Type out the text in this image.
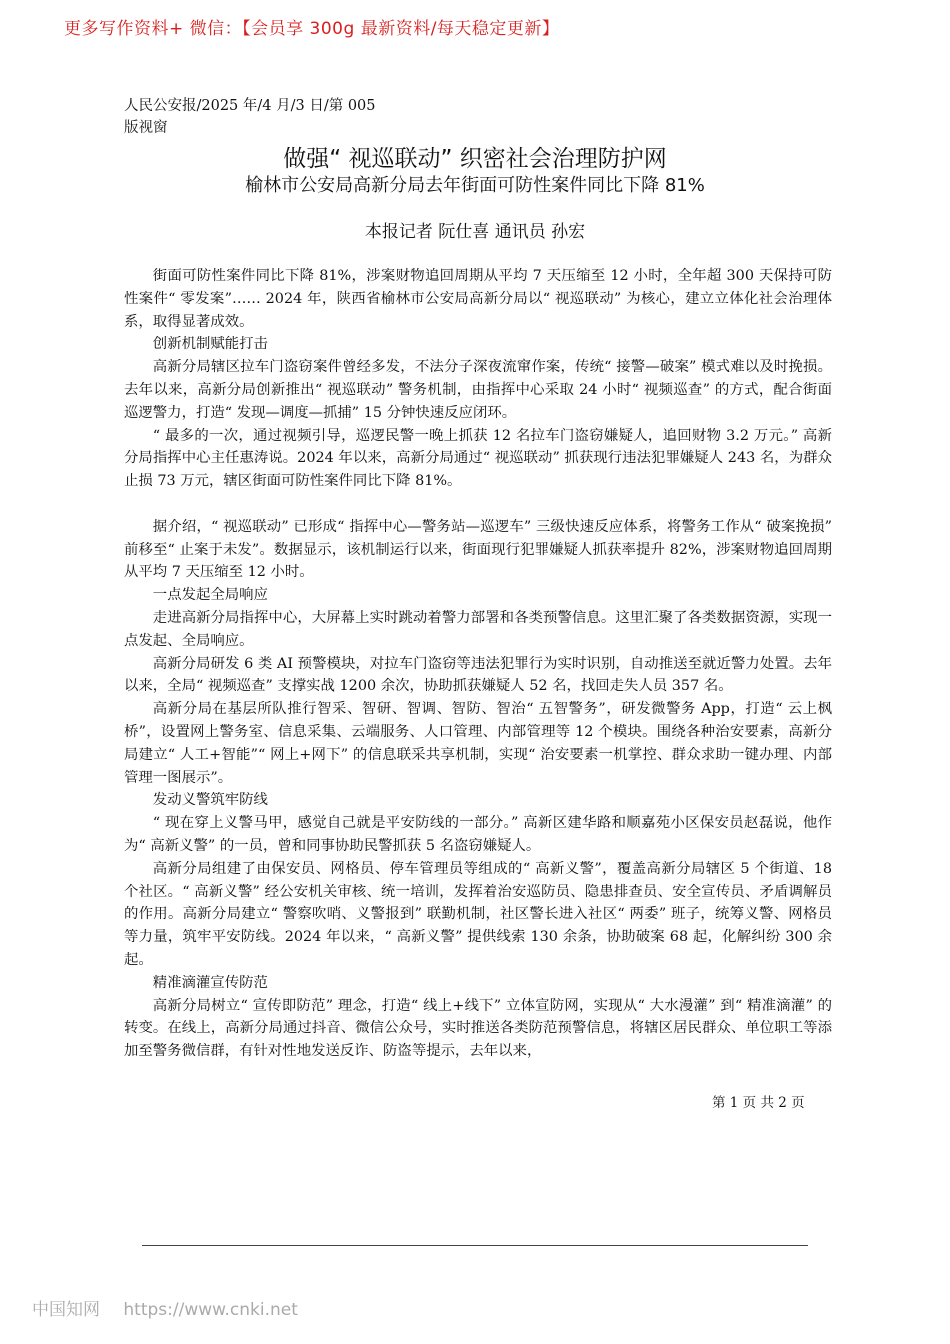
更多写作资料+ 微信：【会员享 300g 最新资料/每天稳定更新】
人民公安报/2025 年/4 月/3 日/第 005
版视窗
做强“ 视巡联动” 织密社会治理防护网
榆林市公安局高新分局去年街面可防性案件同比下降 81%
本报记者 阮仕喜 通讯员 孙宏

街面可防性案件同比下降 81%，涉案财物追回周期从平均 7 天压缩至 12 小时，全年超 300 天保持可防性案件“ 零发案”…… 2024 年，陕西省榆林市公安局高新分局以“ 视巡联动” 为核心，建立立体化社会治理体系，取得显著成效。

创新机制赋能打击

高新分局辖区拉车门盗窃案件曾经多发，不法分子深夜流窜作案，传统“ 接警—破案” 模式难以及时挽损。去年以来，高新分局创新推出“ 视巡联动” 警务机制，由指挥中心采取 24 小时“ 视频巡查” 的方式，配合街面巡逻警力，打造“ 发现—调度—抓捕” 15 分钟快速反应闭环。

“ 最多的一次，通过视频引导，巡逻民警一晚上抓获 12 名拉车门盗窃嫌疑人，追回财物 3.2 万元。” 高新分局指挥中心主任惠涛说。2024 年以来，高新分局通过“ 视巡联动” 抓获现行违法犯罪嫌疑人 243 名，为群众止损 73 万元，辖区街面可防性案件同比下降 81%。

据介绍，“ 视巡联动” 已形成“ 指挥中心—警务站—巡逻车” 三级快速反应体系，将警务工作从“ 破案挽损” 前移至“ 止案于未发”。数据显示，该机制运行以来，街面现行犯罪嫌疑人抓获率提升 82%，涉案财物追回周期从平均 7 天压缩至 12 小时。

一点发起全局响应

走进高新分局指挥中心，大屏幕上实时跳动着警力部署和各类预警信息。这里汇聚了各类数据资源，实现一点发起、全局响应。

高新分局研发 6 类 AI 预警模块，对拉车门盗窃等违法犯罪行为实时识别，自动推送至就近警力处置。去年以来，全局“ 视频巡查” 支撑实战 1200 余次，协助抓获嫌疑人 52 名，找回走失人员 357 名。

高新分局在基层所队推行智采、智研、智调、智防、智治“ 五智警务”，研发微警务 App，打造“ 云上枫桥”，设置网上警务室、信息采集、云端服务、人口管理、内部管理等 12 个模块。围绕各种治安要素，高新分局建立“ 人工+智能”“ 网上+网下” 的信息联采共享机制，实现“ 治安要素一机掌控、群众求助一键办理、内部管理一图展示”。

发动义警筑牢防线

“ 现在穿上义警马甲，感觉自己就是平安防线的一部分。” 高新区建华路和顺嘉苑小区保安员赵磊说，他作为“ 高新义警” 的一员，曾和同事协助民警抓获 5 名盗窃嫌疑人。

高新分局组建了由保安员、网格员、停车管理员等组成的“ 高新义警”，覆盖高新分局辖区 5 个街道、18 个社区。“ 高新义警” 经公安机关审核、统一培训，发挥着治安巡防员、隐患排查员、安全宣传员、矛盾调解员的作用。高新分局建立“ 警察吹哨、义警报到” 联勤机制，社区警长进入社区“ 两委” 班子，统筹义警、网格员等力量，筑牢平安防线。2024 年以来，“ 高新义警” 提供线索 130 余条，协助破案 68 起，化解纠纷 300 余起。

精准滴灌宣传防范

高新分局树立“ 宣传即防范” 理念，打造“ 线上+线下” 立体宣防网，实现从“ 大水漫灌” 到“ 精准滴灌” 的转变。在线上，高新分局通过抖音、微信公众号，实时推送各类防范预警信息，将辖区居民群众、单位职工等添加至警务微信群，有针对性地发送反诈、防盗等提示，去年以来，

第 1 页 共 2 页
中国知网 https://www.cnki.net
